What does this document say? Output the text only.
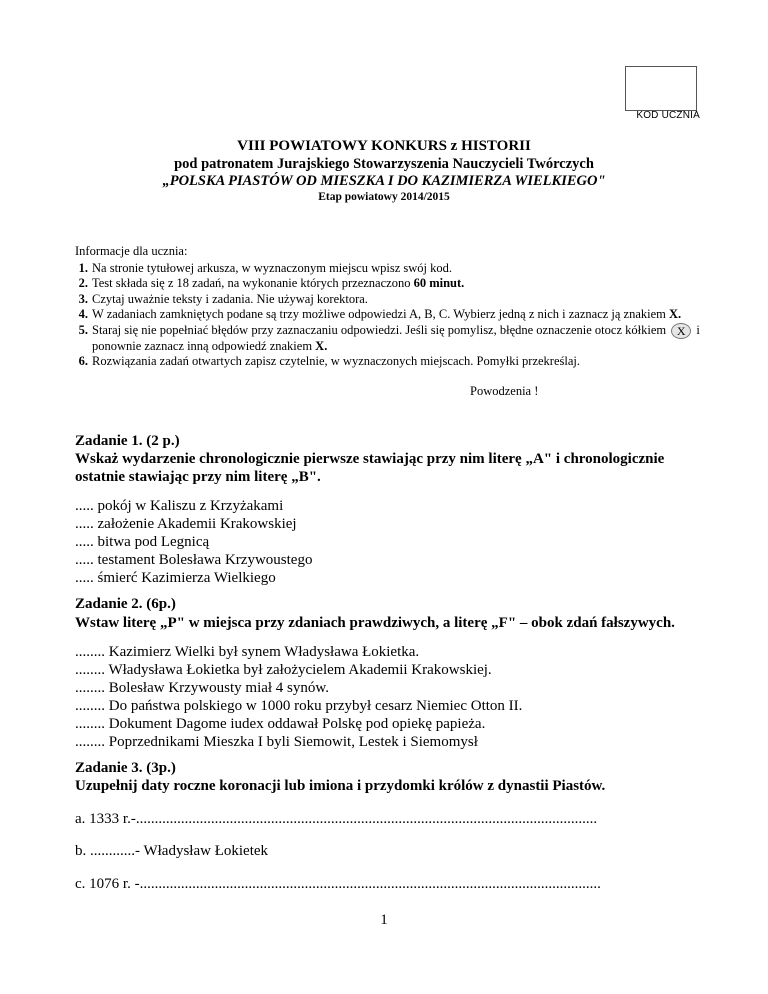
KOD UCZNIA
VIII POWIATOWY KONKURS z HISTORII
pod patronatem Jurajskiego Stowarzyszenia Nauczycieli Twórczych
„POLSKA PIASTÓW OD MIESZKA I DO KAZIMIERZA WIELKIEGO"
Etap powiatowy 2014/2015
Informacje dla ucznia:
1. Na stronie tytułowej arkusza, w wyznaczonym miejscu wpisz swój kod.
2. Test składa się z 18 zadań, na wykonanie których przeznaczono 60 minut.
3. Czytaj uważnie teksty i zadania. Nie używaj korektora.
4. W zadaniach zamkniętych podane są trzy możliwe odpowiedzi A, B, C. Wybierz jedną z nich i zaznacz ją znakiem X.
5. Staraj się nie popełniać błędów przy zaznaczaniu odpowiedzi. Jeśli się pomylisz, błędne oznaczenie otocz kółkiem X i ponownie zaznacz inną odpowiedź znakiem X.
6. Rozwiązania zadań otwartych zapisz czytelnie, w wyznaczonych miejscach. Pomyłki przekreślaj.
Powodzenia !
Zadanie 1. (2 p.)
Wskaż wydarzenie chronologicznie pierwsze stawiając przy nim literę „A" i chronologicznie ostatnie stawiając przy nim literę „B".
..... pokój w Kaliszu z Krzyżakami
..... założenie Akademii Krakowskiej
..... bitwa pod Legnicą
..... testament Bolesława Krzywoustego
..... śmierć Kazimierza Wielkiego
Zadanie 2. (6p.)
Wstaw literę „P" w miejsca przy zdaniach prawdziwych, a literę „F" – obok zdań fałszywych.
........ Kazimierz Wielki był synem Władysława Łokietka.
........ Władysława Łokietka był założycielem Akademii Krakowskiej.
........ Bolesław Krzywousty miał 4 synów.
........ Do państwa polskiego w 1000 roku przybył cesarz Niemiec Otton II.
........ Dokument Dagome iudex oddawał Polskę pod opiekę papieża.
........ Poprzednikami Mieszka I byli Siemowit, Lestek i Siemomysł
Zadanie 3. (3p.)
Uzupełnij daty roczne koronacji lub imiona i przydomki królów z dynastii Piastów.
a. 1333 r.-...........................................................................................................................
b. ............- Władysław Łokietek
c. 1076 r. -...........................................................................................................................
1
